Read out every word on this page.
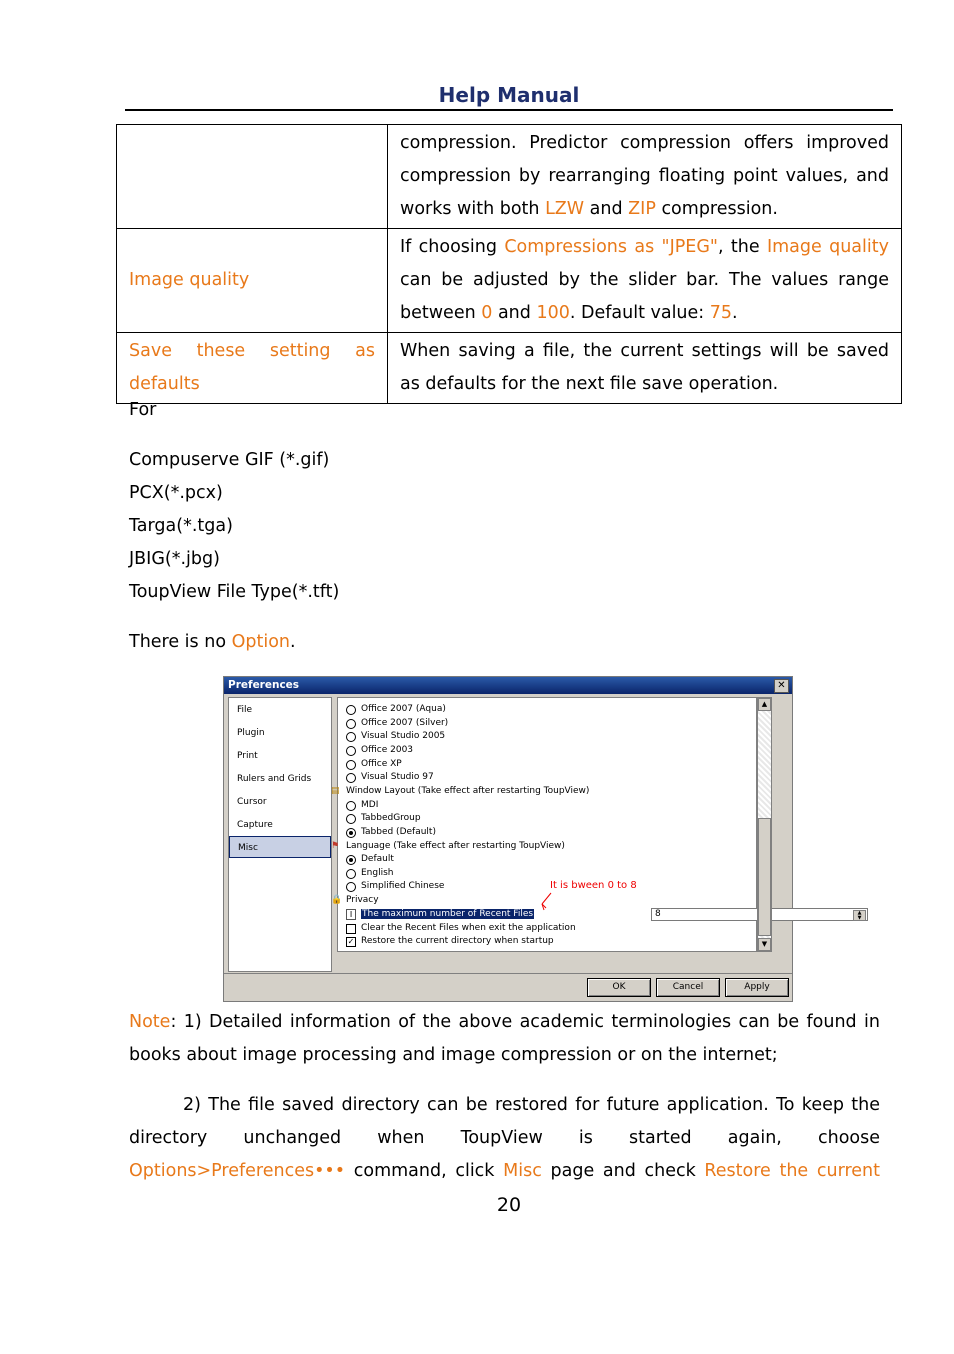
Help Manual
	compression. Predictor compression offers improved compression by rearranging floating point values, and works with both LZW and ZIP compression.
Image quality	If choosing Compressions as "JPEG", the Image quality can be adjusted by the slider bar. The values range between 0 and 100. Default value: 75.

Save these setting as
defaults	When saving a file, the current settings will be saved as defaults for the next file save operation.
For
Compuserve GIF (*.gif)
PCX(*.pcx)
Targa(*.tga)
JBIG(*.jbg)
ToupView File Type(*.tft)
There is no Option.
Preferences	✕
File
Plugin
Print
Rulers and Grids
Cursor
Capture
Misc
Office 2007 (Aqua)
Office 2007 (Silver)
Visual Studio 2005
Office 2003
Office XP
Visual Studio 97
▤ Window Layout (Take effect after restarting ToupView)
MDI
TabbedGroup
Tabbed (Default)
⚑ Language (Take effect after restarting ToupView)
Default
English
Simplified Chinese
🔒 Privacy
I	The maximum number of Recent Files	8	▲
▼
Clear the Recent Files when exit the application
✓ Restore the current directory when startup
It is bween 0 to 8
▲
▼
OK	Cancel	Apply
Note: 1) Detailed information of the above academic terminologies can be found in books about image processing and image compression or on the internet;
2) The file saved directory can be restored for future application. To keep the directory unchanged when ToupView is started again, choose Options>Preferences••• command, click Misc page and check Restore the current
20
